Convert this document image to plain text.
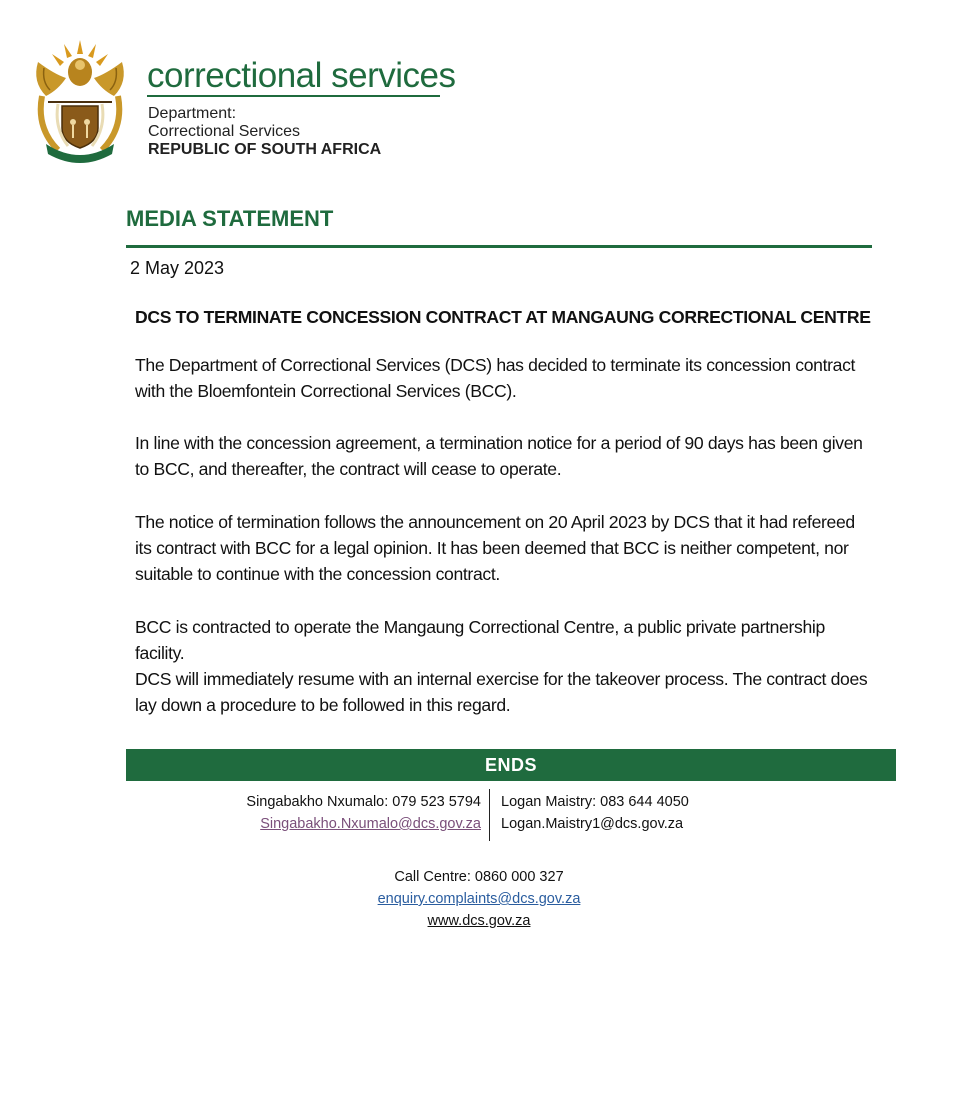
correctional services
Department:
Correctional Services
REPUBLIC OF SOUTH AFRICA
MEDIA STATEMENT
2 May 2023
DCS TO TERMINATE CONCESSION CONTRACT AT MANGAUNG CORRECTIONAL CENTRE
The Department of Correctional Services (DCS) has decided to terminate its concession contract with the Bloemfontein Correctional Services (BCC).
In line with the concession agreement, a termination notice for a period of 90 days has been given to BCC, and thereafter, the contract will cease to operate.
The notice of termination follows the announcement on 20 April 2023 by DCS that it had refereed its contract with BCC for a legal opinion. It has been deemed that BCC is neither competent, nor suitable to continue with the concession contract.
BCC is contracted to operate the Mangaung Correctional Centre, a public private partnership facility.
DCS will immediately resume with an internal exercise for the takeover process. The contract does lay down a procedure to be followed in this regard.
ENDS
Singabakho Nxumalo: 079 523 5794
Singabakho.Nxumalo@dcs.gov.za
Logan Maistry: 083 644 4050
Logan.Maistry1@dcs.gov.za
Call Centre: 0860 000 327
enquiry.complaints@dcs.gov.za
www.dcs.gov.za
